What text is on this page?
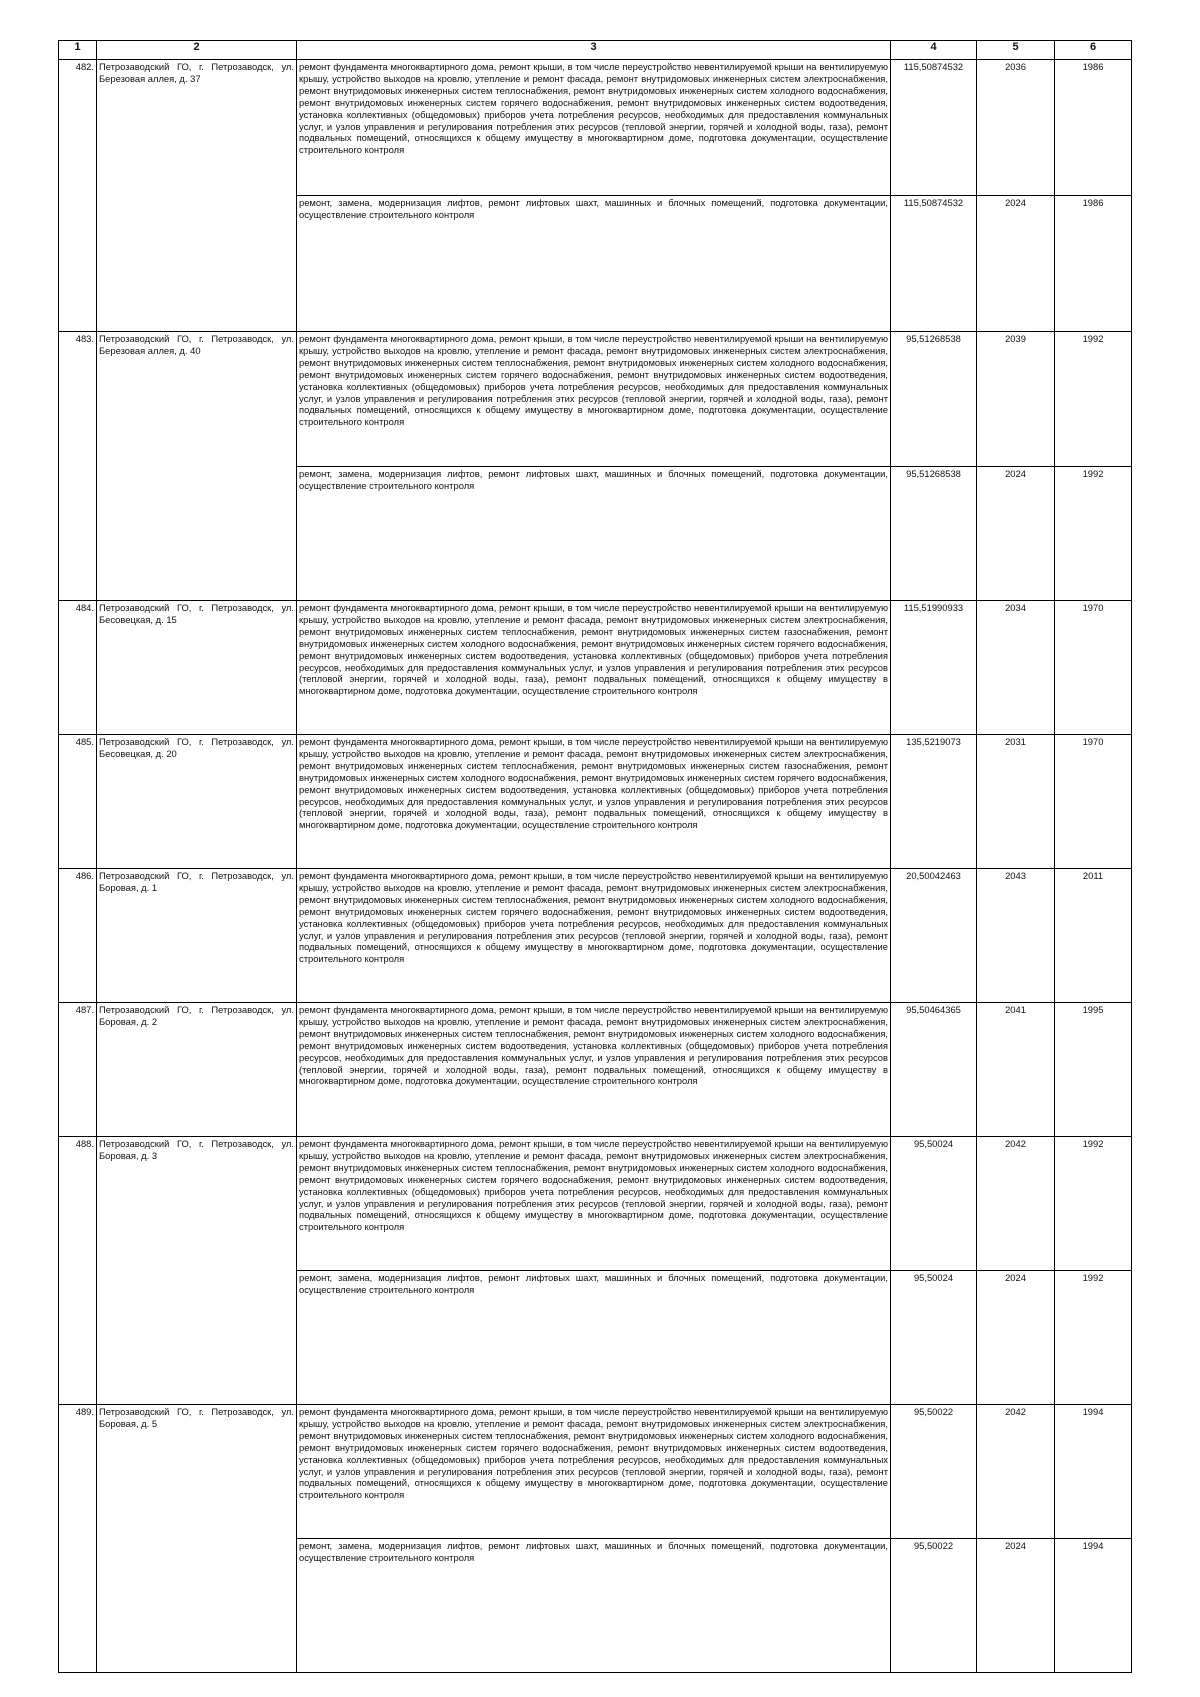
1	2	3	4	5	6
482.	Петрозаводский ГО, г. Петрозаводск, ул. Березовая аллея, д. 37	ремонт фундамента многоквартирного дома, ремонт крыши, в том числе переустройство невентилируемой крыши на вентилируемую крышу, устройство выходов на кровлю, утепление и ремонт фасада, ремонт внутридомовых инженерных систем электроснабжения, ремонт внутридомовых инженерных систем теплоснабжения, ремонт внутридомовых инженерных систем холодного водоснабжения, ремонт внутридомовых инженерных систем горячего водоснабжения, ремонт внутридомовых инженерных систем водоотведения, установка коллективных (общедомовых) приборов учета потребления ресурсов, необходимых для предоставления коммунальных услуг, и узлов управления и регулирования потребления этих ресурсов (тепловой энергии, горячей и холодной воды, газа), ремонт подвальных помещений, относящихся к общему имуществу в многоквартирном доме, подготовка документации, осуществление строительного контроля	115,50874532	2036	1986
		ремонт, замена, модернизация лифтов, ремонт лифтовых шахт, машинных и блочных помещений, подготовка документации, осуществление строительного контроля	115,50874532	2024	1986
483.	Петрозаводский ГО, г. Петрозаводск, ул. Березовая аллея, д. 40	ремонт фундамента многоквартирного дома, ремонт крыши, в том числе переустройство невентилируемой крыши на вентилируемую крышу, устройство выходов на кровлю, утепление и ремонт фасада, ремонт внутридомовых инженерных систем электроснабжения, ремонт внутридомовых инженерных систем теплоснабжения, ремонт внутридомовых инженерных систем холодного водоснабжения, ремонт внутридомовых инженерных систем горячего водоснабжения, ремонт внутридомовых инженерных систем водоотведения, установка коллективных (общедомовых) приборов учета потребления ресурсов, необходимых для предоставления коммунальных услуг, и узлов управления и регулирования потребления этих ресурсов (тепловой энергии, горячей и холодной воды, газа), ремонт подвальных помещений, относящихся к общему имуществу в многоквартирном доме, подготовка документации, осуществление строительного контроля	95,51268538	2039	1992
		ремонт, замена, модернизация лифтов, ремонт лифтовых шахт, машинных и блочных помещений, подготовка документации, осуществление строительного контроля	95,51268538	2024	1992
484.	Петрозаводский ГО, г. Петрозаводск, ул. Бесовецкая, д. 15	ремонт фундамента многоквартирного дома, ремонт крыши, в том числе переустройство невентилируемой крыши на вентилируемую крышу, устройство выходов на кровлю, утепление и ремонт фасада, ремонт внутридомовых инженерных систем электроснабжения, ремонт внутридомовых инженерных систем теплоснабжения, ремонт внутридомовых инженерных систем газоснабжения, ремонт внутридомовых инженерных систем холодного водоснабжения, ремонт внутридомовых инженерных систем горячего водоснабжения, ремонт внутридомовых инженерных систем водоотведения, установка коллективных (общедомовых) приборов учета потребления ресурсов, необходимых для предоставления коммунальных услуг, и узлов управления и регулирования потребления этих ресурсов (тепловой энергии, горячей и холодной воды, газа), ремонт подвальных помещений, относящихся к общему имуществу в многоквартирном доме, подготовка документации, осуществление строительного контроля	115,51990933	2034	1970
485.	Петрозаводский ГО, г. Петрозаводск, ул. Бесовецкая, д. 20	ремонт фундамента многоквартирного дома, ремонт крыши, в том числе переустройство невентилируемой крыши на вентилируемую крышу, устройство выходов на кровлю, утепление и ремонт фасада, ремонт внутридомовых инженерных систем электроснабжения, ремонт внутридомовых инженерных систем теплоснабжения, ремонт внутридомовых инженерных систем газоснабжения, ремонт внутридомовых инженерных систем холодного водоснабжения, ремонт внутридомовых инженерных систем горячего водоснабжения, ремонт внутридомовых инженерных систем водоотведения, установка коллективных (общедомовых) приборов учета потребления ресурсов, необходимых для предоставления коммунальных услуг, и узлов управления и регулирования потребления этих ресурсов (тепловой энергии, горячей и холодной воды, газа), ремонт подвальных помещений, относящихся к общему имуществу в многоквартирном доме, подготовка документации, осуществление строительного контроля	135,5219073	2031	1970
486.	Петрозаводский ГО, г. Петрозаводск, ул. Боровая, д. 1	ремонт фундамента многоквартирного дома, ремонт крыши, в том числе переустройство невентилируемой крыши на вентилируемую крышу, устройство выходов на кровлю, утепление и ремонт фасада, ремонт внутридомовых инженерных систем электроснабжения, ремонт внутридомовых инженерных систем теплоснабжения, ремонт внутридомовых инженерных систем холодного водоснабжения, ремонт внутридомовых инженерных систем горячего водоснабжения, ремонт внутридомовых инженерных систем водоотведения, установка коллективных (общедомовых) приборов учета потребления ресурсов, необходимых для предоставления коммунальных услуг, и узлов управления и регулирования потребления этих ресурсов (тепловой энергии, горячей и холодной воды, газа), ремонт подвальных помещений, относящихся к общему имуществу в многоквартирном доме, подготовка документации, осуществление строительного контроля	20,50042463	2043	2011
487.	Петрозаводский ГО, г. Петрозаводск, ул. Боровая, д. 2	ремонт фундамента многоквартирного дома, ремонт крыши, в том числе переустройство невентилируемой крыши на вентилируемую крышу, устройство выходов на кровлю, утепление и ремонт фасада, ремонт внутридомовых инженерных систем электроснабжения, ремонт внутридомовых инженерных систем теплоснабжения, ремонт внутридомовых инженерных систем холодного водоснабжения, ремонт внутридомовых инженерных систем водоотведения, установка коллективных (общедомовых) приборов учета потребления ресурсов, необходимых для предоставления коммунальных услуг, и узлов управления и регулирования потребления этих ресурсов (тепловой энергии, горячей и холодной воды, газа), ремонт подвальных помещений, относящихся к общему имуществу в многоквартирном доме, подготовка документации, осуществление строительного контроля	95,50464365	2041	1995
488.	Петрозаводский ГО, г. Петрозаводск, ул. Боровая, д. 3	ремонт фундамента многоквартирного дома, ремонт крыши, в том числе переустройство невентилируемой крыши на вентилируемую крышу, устройство выходов на кровлю, утепление и ремонт фасада, ремонт внутридомовых инженерных систем электроснабжения, ремонт внутридомовых инженерных систем теплоснабжения, ремонт внутридомовых инженерных систем холодного водоснабжения, ремонт внутридомовых инженерных систем горячего водоснабжения, ремонт внутридомовых инженерных систем водоотведения, установка коллективных (общедомовых) приборов учета потребления ресурсов, необходимых для предоставления коммунальных услуг, и узлов управления и регулирования потребления этих ресурсов (тепловой энергии, горячей и холодной воды, газа), ремонт подвальных помещений, относящихся к общему имуществу в многоквартирном доме, подготовка документации, осуществление строительного контроля	95,50024	2042	1992
		ремонт, замена, модернизация лифтов, ремонт лифтовых шахт, машинных и блочных помещений, подготовка документации, осуществление строительного контроля	95,50024	2024	1992
489.	Петрозаводский ГО, г. Петрозаводск, ул. Боровая, д. 5	ремонт фундамента многоквартирного дома, ремонт крыши, в том числе переустройство невентилируемой крыши на вентилируемую крышу, устройство выходов на кровлю, утепление и ремонт фасада, ремонт внутридомовых инженерных систем электроснабжения, ремонт внутридомовых инженерных систем теплоснабжения, ремонт внутридомовых инженерных систем холодного водоснабжения, ремонт внутридомовых инженерных систем горячего водоснабжения, ремонт внутридомовых инженерных систем водоотведения, установка коллективных (общедомовых) приборов учета потребления ресурсов, необходимых для предоставления коммунальных услуг, и узлов управления и регулирования потребления этих ресурсов (тепловой энергии, горячей и холодной воды, газа), ремонт подвальных помещений, относящихся к общему имуществу в многоквартирном доме, подготовка документации, осуществление строительного контроля	95,50022	2042	1994
		ремонт, замена, модернизация лифтов, ремонт лифтовых шахт, машинных и блочных помещений, подготовка документации, осуществление строительного контроля	95,50022	2024	1994
